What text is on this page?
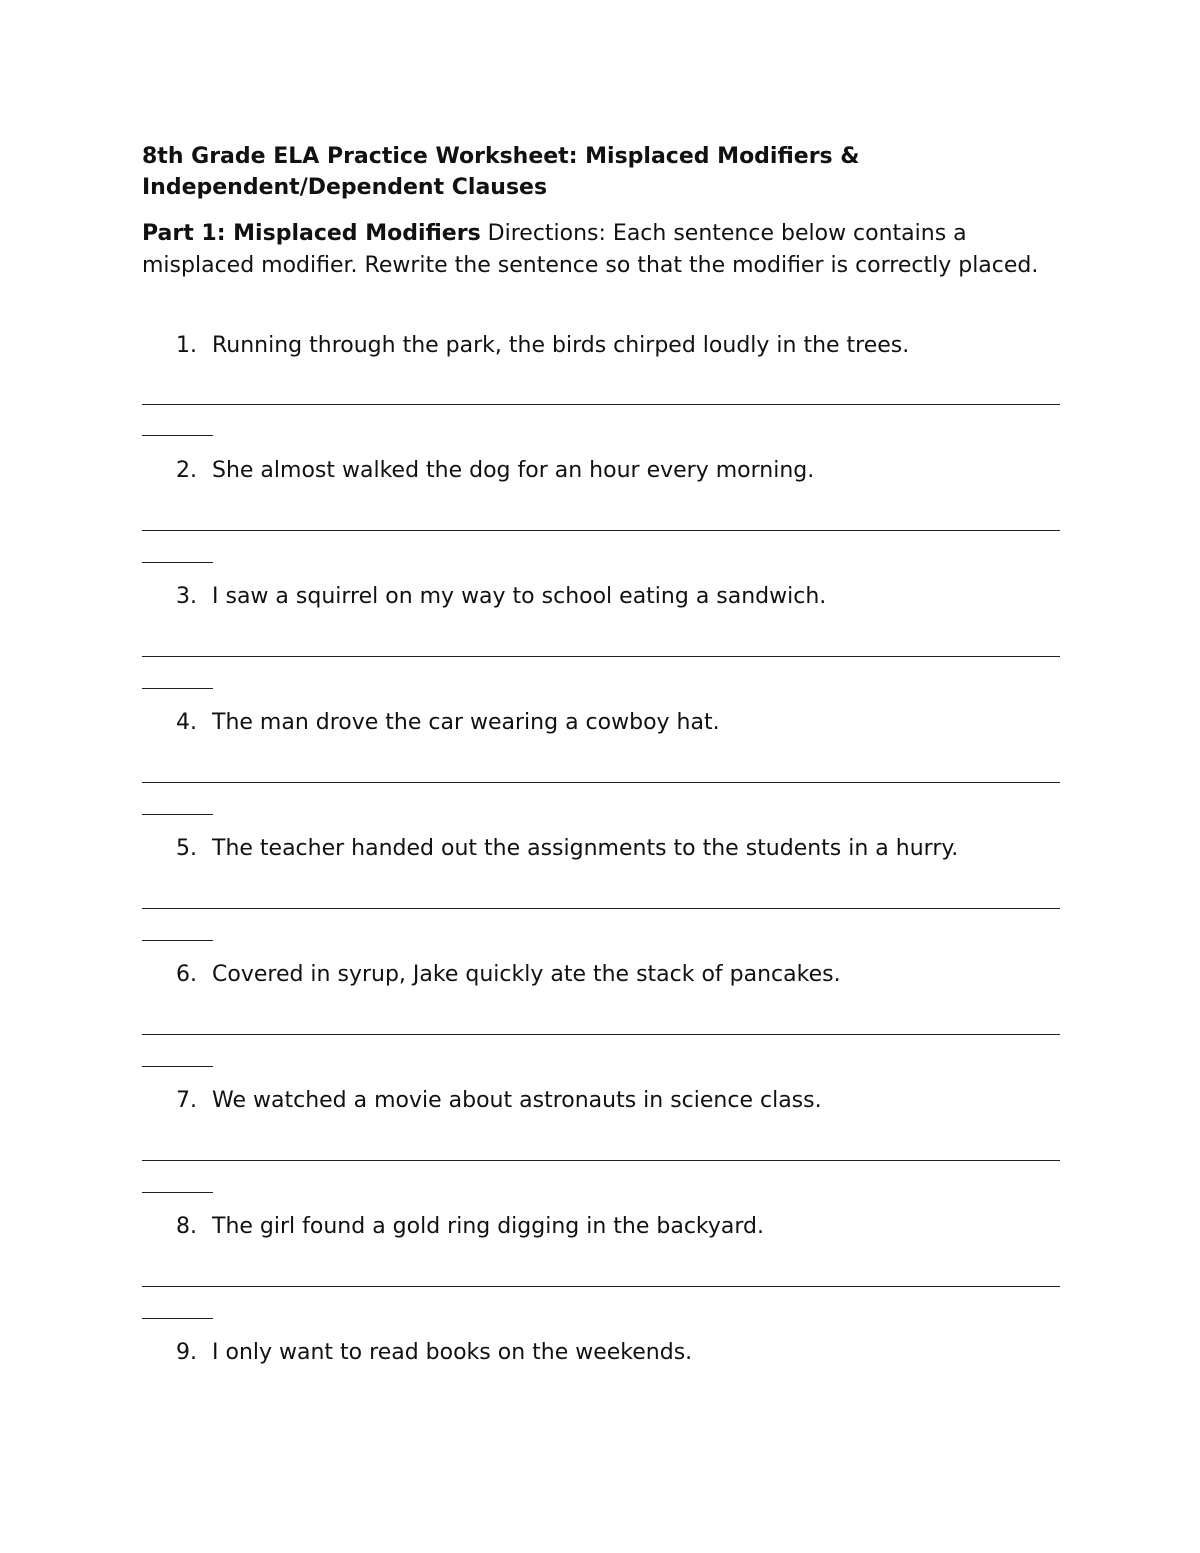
8th Grade ELA Practice Worksheet: Misplaced Modifiers &
Independent/Dependent Clauses
Part 1: Misplaced Modifiers Directions: Each sentence below contains a misplaced modifier. Rewrite the sentence so that the modifier is correctly placed.
1. Running through the park, the birds chirped loudly in the trees.
2. She almost walked the dog for an hour every morning.
3. I saw a squirrel on my way to school eating a sandwich.
4. The man drove the car wearing a cowboy hat.
5. The teacher handed out the assignments to the students in a hurry.
6. Covered in syrup, Jake quickly ate the stack of pancakes.
7. We watched a movie about astronauts in science class.
8. The girl found a gold ring digging in the backyard.
9. I only want to read books on the weekends.
